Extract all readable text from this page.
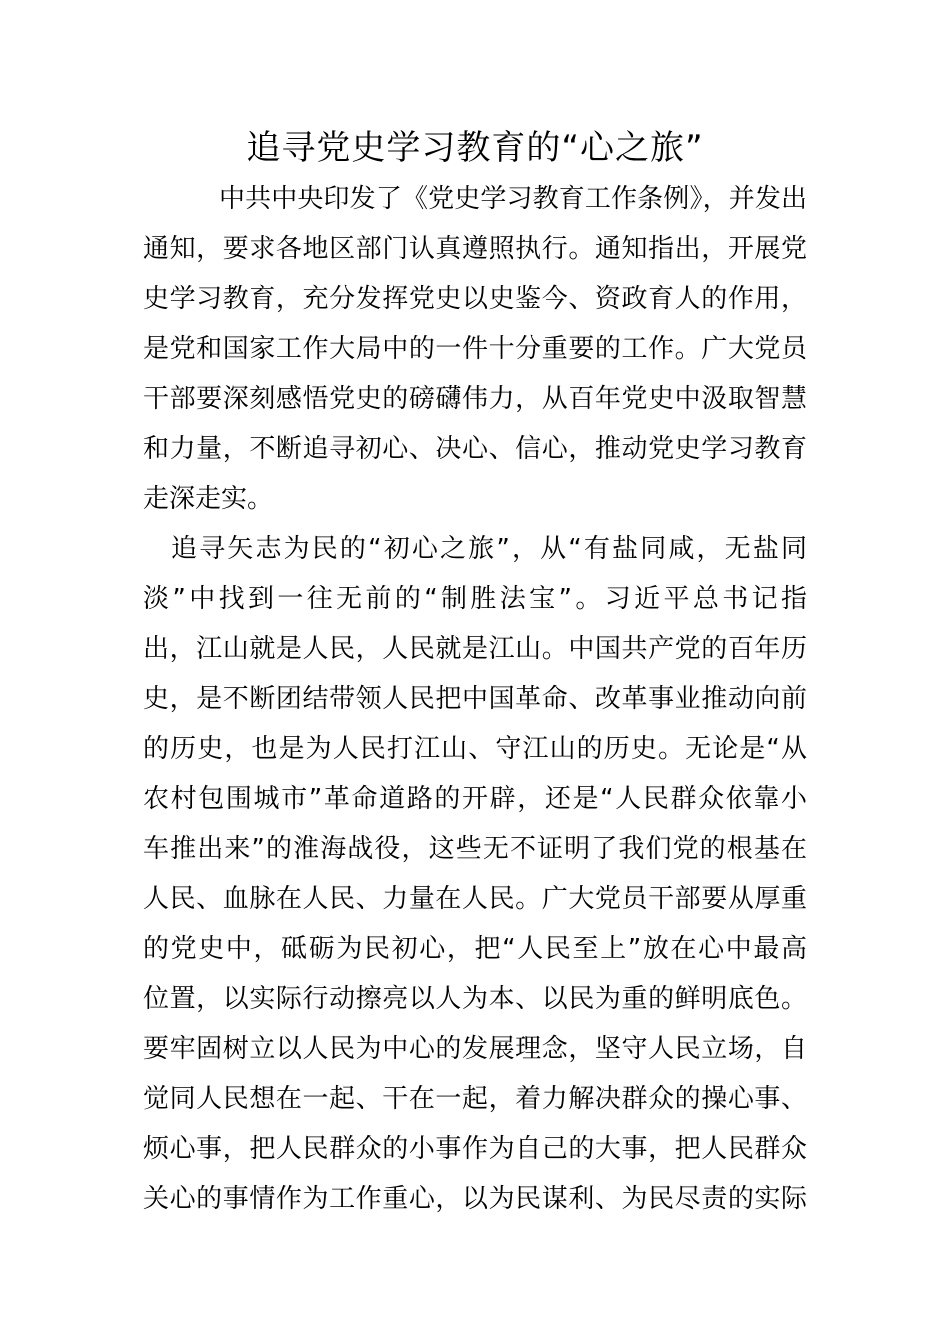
追寻党史学习教育的“心之旅”
中共中央印发了《党史学习教育工作条例》，并发出
通知，要求各地区部门认真遵照执行。通知指出，开展党
史学习教育，充分发挥党史以史鉴今、资政育人的作用，
是党和国家工作大局中的一件十分重要的工作。广大党员
干部要深刻感悟党史的磅礴伟力，从百年党史中汲取智慧
和力量，不断追寻初心、决心、信心，推动党史学习教育
走深走实。
追寻矢志为民的“初心之旅”，从“有盐同咸，无盐同
淡”中找到一往无前的“制胜法宝”。习近平总书记指
出，江山就是人民，人民就是江山。中国共产党的百年历
史，是不断团结带领人民把中国革命、改革事业推动向前
的历史，也是为人民打江山、守江山的历史。无论是“从
农村包围城市”革命道路的开辟，还是“人民群众依靠小
车推出来”的淮海战役，这些无不证明了我们党的根基在
人民、血脉在人民、力量在人民。广大党员干部要从厚重
的党史中，砥砺为民初心，把“人民至上”放在心中最高
位置，以实际行动擦亮以人为本、以民为重的鲜明底色。
要牢固树立以人民为中心的发展理念，坚守人民立场，自
觉同人民想在一起、干在一起，着力解决群众的操心事、
烦心事，把人民群众的小事作为自己的大事，把人民群众
关心的事情作为工作重心，以为民谋利、为民尽责的实际
